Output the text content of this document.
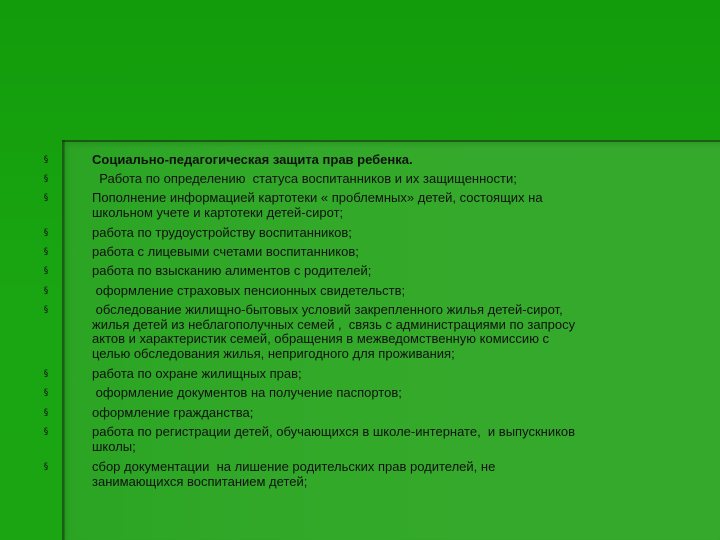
§	Социально-педагогическая защита прав ребенка.
§	Работа по определению  статуса воспитанников и их защищенности;
§	Пополнение информацией картотеки « проблемных» детей, состоящих на
школьном учете и картотеки детей-сирот;
§	работа по трудоустройству воспитанников;
§	работа с лицевыми счетами воспитанников;
§	работа по взысканию алиментов с родителей;
§	оформление страховых пенсионных свидетельств;
§	обследование жилищно-бытовых условий закрепленного жилья детей-сирот,
жилья детей из неблагополучных семей ,  связь с администрациями по запросу
актов и характеристик семей, обращения в межведомственную комиссию с
целью обследования жилья, непригодного для проживания;
§	работа по охране жилищных прав;
§	оформление документов на получение паспортов;
§	оформление гражданства;
§	работа по регистрации детей, обучающихся в школе-интернате,  и выпускников
школы;
§	сбор документации  на лишение родительских прав родителей, не
занимающихся воспитанием детей;
